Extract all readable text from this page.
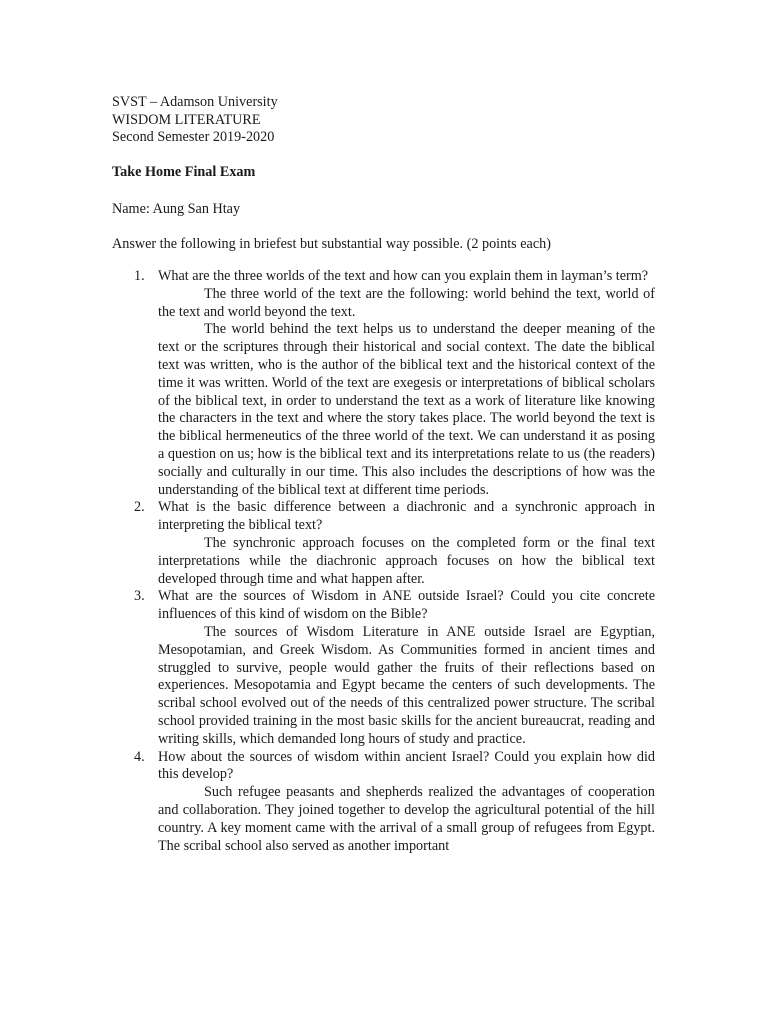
SVST – Adamson University
WISDOM LITERATURE
Second Semester 2019-2020
Take Home Final Exam
Name: Aung San Htay
Answer the following in briefest but substantial way possible. (2 points each)
1. What are the three worlds of the text and how can you explain them in layman’s term?

The three world of the text are the following: world behind the text, world of the text and world beyond the text.

The world behind the text helps us to understand the deeper meaning of the text or the scriptures through their historical and social context. The date the biblical text was written, who is the author of the biblical text and the historical context of the time it was written. World of the text are exegesis or interpretations of biblical scholars of the biblical text, in order to understand the text as a work of literature like knowing the characters in the text and where the story takes place. The world beyond the text is the biblical hermeneutics of the three world of the text. We can understand it as posing a question on us; how is the biblical text and its interpretations relate to us (the readers) socially and culturally in our time. This also includes the descriptions of how was the understanding of the biblical text at different time periods.

2. What is the basic difference between a diachronic and a synchronic approach in interpreting the biblical text?

The synchronic approach focuses on the completed form or the final text interpretations while the diachronic approach focuses on how the biblical text developed through time and what happen after.

3. What are the sources of Wisdom in ANE outside Israel? Could you cite concrete influences of this kind of wisdom on the Bible?

The sources of Wisdom Literature in ANE outside Israel are Egyptian, Mesopotamian, and Greek Wisdom. As Communities formed in ancient times and struggled to survive, people would gather the fruits of their reflections based on experiences. Mesopotamia and Egypt became the centers of such developments. The scribal school evolved out of the needs of this centralized power structure. The scribal school provided training in the most basic skills for the ancient bureaucrat, reading and writing skills, which demanded long hours of study and practice.

4. How about the sources of wisdom within ancient Israel? Could you explain how did this develop?

Such refugee peasants and shepherds realized the advantages of cooperation and collaboration. They joined together to develop the agricultural potential of the hill country. A key moment came with the arrival of a small group of refugees from Egypt. The scribal school also served as another important
